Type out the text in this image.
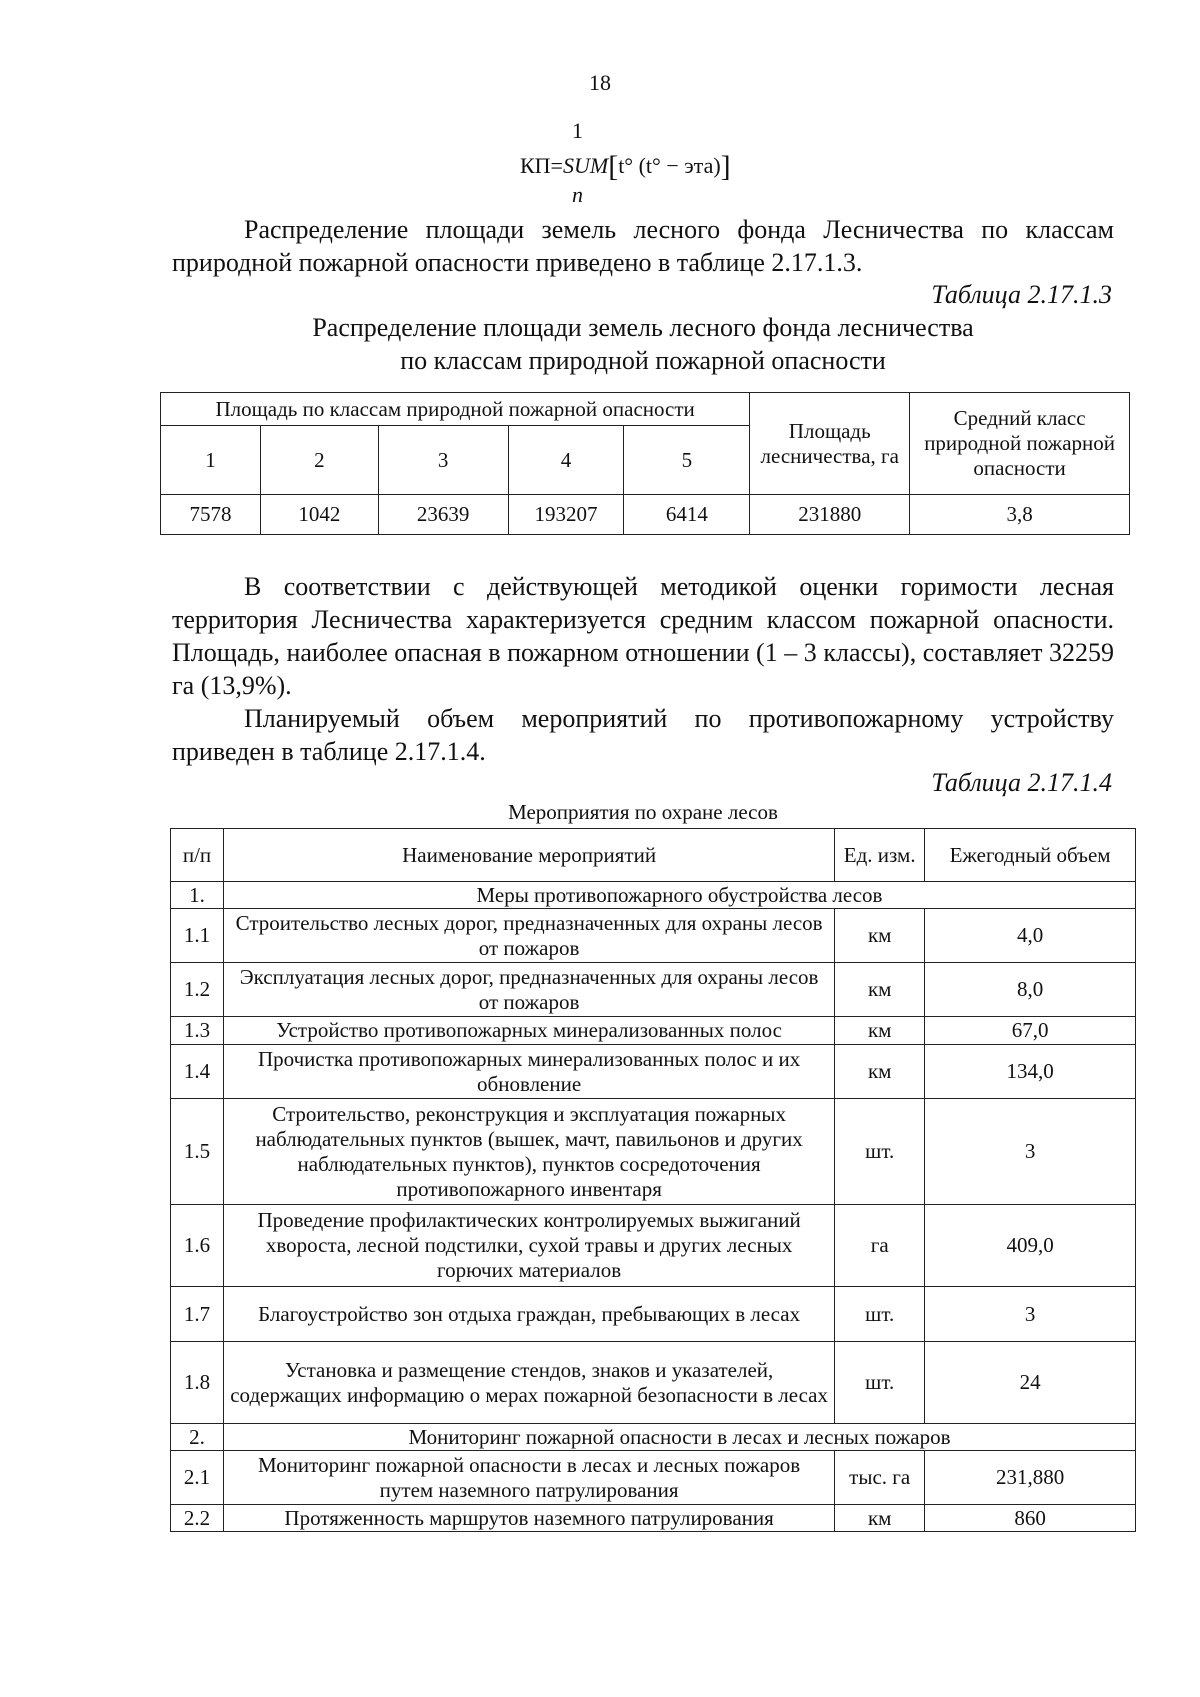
18
1
КП=SUM[t° (t° − эта)]
n

Распределение площади земель лесного фонда Лесничества по классам природной пожарной опасности приведено в таблице 2.17.1.3.

Таблица 2.17.1.3
Распределение площади земель лесного фонда лесничества
по классам природной пожарной опасности
Площадь по классам природной пожарной опасности					Площадь лесничества, га	Средний класс природной пожарной опасности
1	2	3	4	5		
7578	1042	23639	193207	6414	231880	3,8

В соответствии с действующей методикой оценки горимости лесная территория Лесничества характеризуется средним классом пожарной опасности. Площадь, наиболее опасная в пожарном отношении (1 – 3 классы), составляет 32259 га (13,9%).

Планируемый объем мероприятий по противопожарному устройству приведен в таблице 2.17.1.4.

Таблица 2.17.1.4
Мероприятия по охране лесов
п/п	Наименование мероприятий	Ед. изм.	Ежегодный объем
1.	Меры противопожарного обустройства лесов		
1.1	Строительство лесных дорог, предназначенных для охраны лесов от пожаров	км	4,0
1.2	Эксплуатация лесных дорог, предназначенных для охраны лесов от пожаров	км	8,0
1.3	Устройство противопожарных минерализованных полос	км	67,0
1.4	Прочистка противопожарных минерализованных полос и их обновление	км	134,0
1.5	Строительство, реконструкция и эксплуатация пожарных наблюдательных пунктов (вышек, мачт, павильонов и других наблюдательных пунктов), пунктов сосредоточения противопожарного инвентаря	шт.	3
1.6	Проведение профилактических контролируемых выжиганий хвороста, лесной подстилки, сухой травы и других лесных горючих материалов	га	409,0
1.7	Благоустройство зон отдыха граждан, пребывающих в лесах	шт.	3
1.8	Установка и размещение стендов, знаков и указателей, содержащих информацию о мерах пожарной безопасности в лесах	шт.	24
2.	Мониторинг пожарной опасности в лесах и лесных пожаров		
2.1	Мониторинг пожарной опасности в лесах и лесных пожаров путем наземного патрулирования	тыс. га	231,880
2.2	Протяженность маршрутов наземного патрулирования	км	860
